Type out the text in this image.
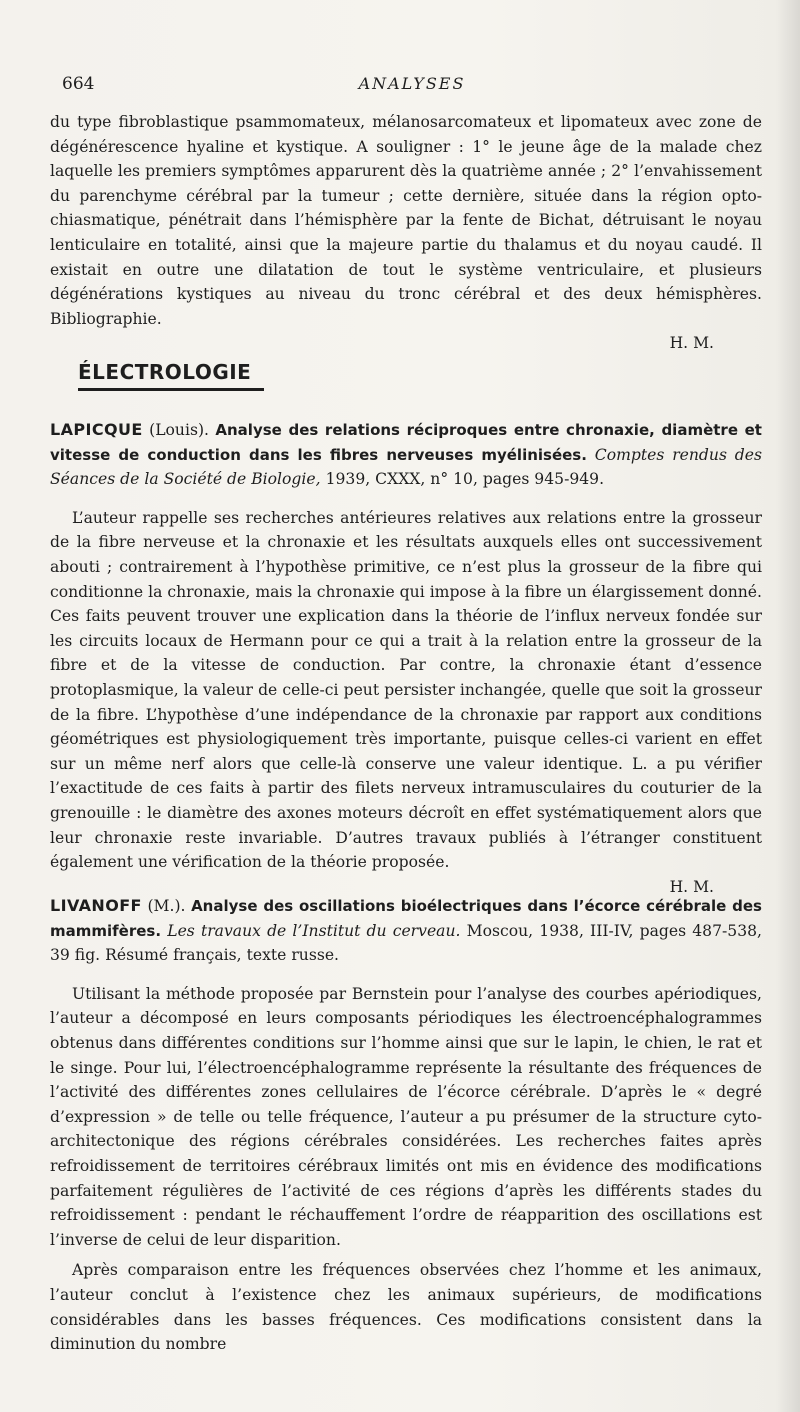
664	ANALYSES

du type fibroblastique psammomateux, mélanosarcomateux et lipomateux avec zone de dégénérescence hyaline et kystique. A souligner : 1° le jeune âge de la malade chez laquelle les premiers symptômes apparurent dès la quatrième année ; 2° l’envahissement du parenchyme cérébral par la tumeur ; cette dernière, située dans la région opto-chiasmatique, pénétrait dans l’hémisphère par la fente de Bichat, détruisant le noyau lenticulaire en totalité, ainsi que la majeure partie du thalamus et du noyau caudé. Il existait en outre une dilatation de tout le système ventriculaire, et plusieurs dégénérations kystiques au niveau du tronc cérébral et des deux hémisphères. Bibliographie.

H. M.
ÉLECTROLOGIE
LAPICQUE (Louis). Analyse des relations réciproques entre chronaxie, diamètre et vitesse de conduction dans les fibres nerveuses myélinisées. Comptes rendus des Séances de la Société de Biologie, 1939, CXXX, n° 10, pages 945-949.

L’auteur rappelle ses recherches antérieures relatives aux relations entre la grosseur de la fibre nerveuse et la chronaxie et les résultats auxquels elles ont successivement abouti ; contrairement à l’hypothèse primitive, ce n’est plus la grosseur de la fibre qui conditionne la chronaxie, mais la chronaxie qui impose à la fibre un élargissement donné. Ces faits peuvent trouver une explication dans la théorie de l’influx nerveux fondée sur les circuits locaux de Hermann pour ce qui a trait à la relation entre la grosseur de la fibre et de la vitesse de conduction. Par contre, la chronaxie étant d’essence protoplasmique, la valeur de celle-ci peut persister inchangée, quelle que soit la grosseur de la fibre. L’hypothèse d’une indépendance de la chronaxie par rapport aux conditions géométriques est physiologiquement très importante, puisque celles-ci varient en effet sur un même nerf alors que celle-là conserve une valeur identique. L. a pu vérifier l’exactitude de ces faits à partir des filets nerveux intramusculaires du couturier de la grenouille : le diamètre des axones moteurs décroît en effet systématiquement alors que leur chronaxie reste invariable. D’autres travaux publiés à l’étranger constituent également une vérification de la théorie proposée.

H. M.
LIVANOFF (M.). Analyse des oscillations bioélectriques dans l’écorce cérébrale des mammifères. Les travaux de l’Institut du cerveau. Moscou, 1938, III-IV, pages 487-538, 39 fig. Résumé français, texte russe.

Utilisant la méthode proposée par Bernstein pour l’analyse des courbes apériodiques, l’auteur a décomposé en leurs composants périodiques les électroencéphalogrammes obtenus dans différentes conditions sur l’homme ainsi que sur le lapin, le chien, le rat et le singe. Pour lui, l’électroencéphalogramme représente la résultante des fréquences de l’activité des différentes zones cellulaires de l’écorce cérébrale. D’après le « degré d’expression » de telle ou telle fréquence, l’auteur a pu présumer de la structure cyto-architectonique des régions cérébrales considérées. Les recherches faites après refroidissement de territoires cérébraux limités ont mis en évidence des modifications parfaitement régulières de l’activité de ces régions d’après les différents stades du refroidissement : pendant le réchauffement l’ordre de réapparition des oscillations est l’inverse de celui de leur disparition.

Après comparaison entre les fréquences observées chez l’homme et les animaux, l’auteur conclut à l’existence chez les animaux supérieurs, de modifications considérables dans les basses fréquences. Ces modifications consistent dans la diminution du nombre
